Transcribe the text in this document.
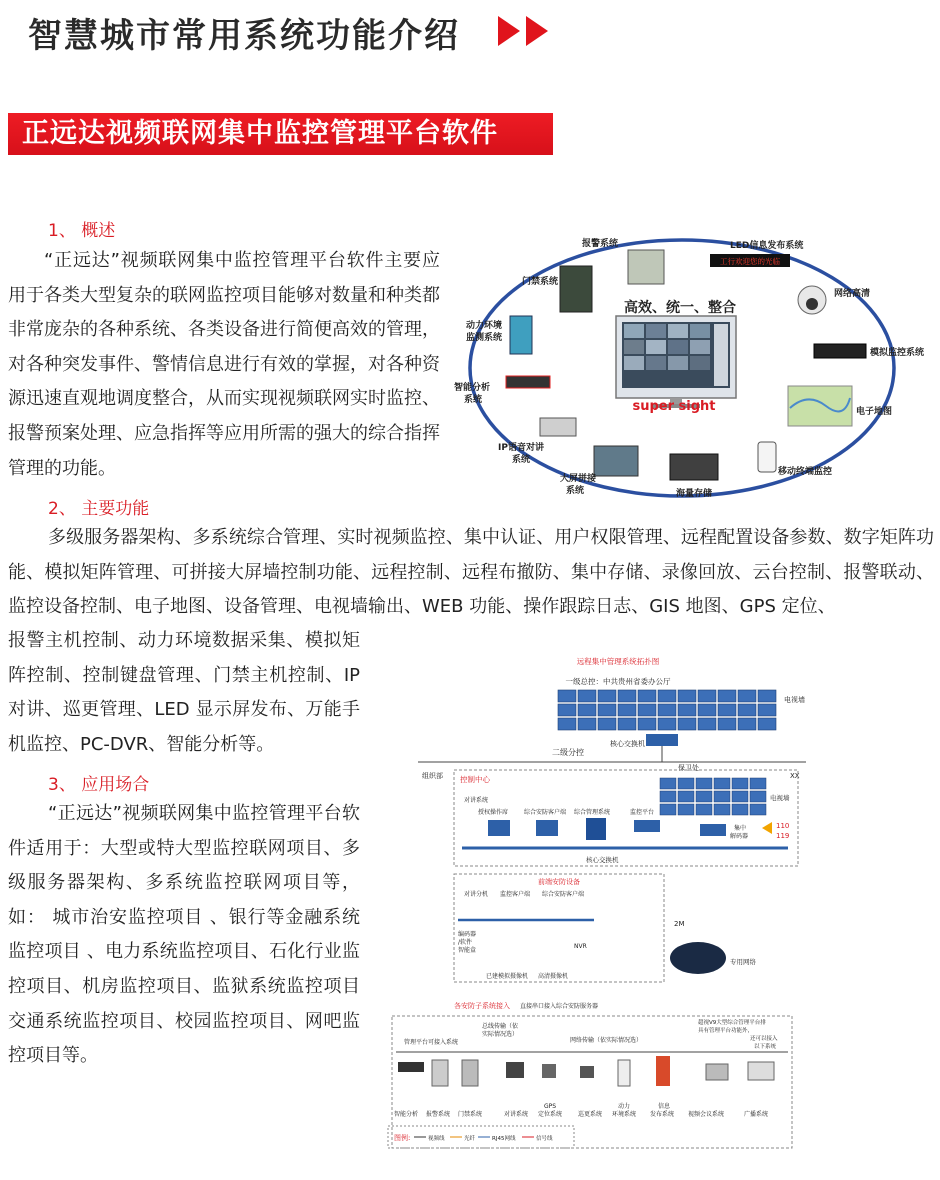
智慧城市常用系统功能介绍
正远达视频联网集中监控管理平台软件
1、 概述

“正远达”视频联网集中监控管理平台软件主要应用于各类大型复杂的联网监控项目能够对数量和种类都非常庞杂的各种系统、各类设备进行简便高效的管理，对各种突发事件、警情信息进行有效的掌握，对各种资源迅速直观地调度整合，从而实现视频联网实时监控、报警预案处理、应急指挥等应用所需的强大的综合指挥管理的功能。

2、 主要功能

多级服务器架构、多系统综合管理、实时视频监控、集中认证、用户权限管理、远程配置设备参数、数字矩阵功能、模拟矩阵管理、可拼接大屏墙控制功能、远程控制、远程布撤防、集中存储、录像回放、云台控制、报警联动、监控设备控制、电子地图、设备管理、电视墙输出、WEB 功能、操作跟踪日志、GIS 地图、GPS 定位、

报警主机控制、动力环境数据采集、模拟矩阵控制、控制键盘管理、门禁主机控制、IP 对讲、巡更管理、LED 显示屏发布、万能手机监控、PC-DVR、智能分析等。

3、 应用场合

“正远达”视频联网集中监控管理平台软件适用于：大型或特大型监控联网项目、多级服务器架构、多系统监控联网项目等，如： 城市治安监控项目 、银行等金融系统监控项目 、电力系统监控项目、石化行业监控项目、机房监控项目、监狱系统监控项目交通系统监控项目、校园监控项目、网吧监控项目等。

高效、统一、整合
super sight
报警系统	LED信息发布系统
工行欢迎您的光临
门禁系统
网络高清
动力环境
监测系统
模拟监控系统
智能分析
系统
电子地图
IP语音对讲
系统
移动终端监控
大屏拼接
系统	海量存储
远程集中管理系统拓扑图
一级总控：中共贵州省委办公厅
电视墙
核心交换机
二级分控
保卫处
组织部	XX
控制中心
电视墙
对讲系统
授权操作席	综合安防客户端 综合管理系统	监控平台
集中
解码器
110
119
核心交换机
前端安防设备
对讲分机 监控客户端 综合安防客户端
编码器
/软件
智能盒
NVR
已建模拟摄像机 高清摄像机
2M
专用网络
各安防子系统接入 直接串口接入综合安防服务器
管理平台可接入系统
总线传输（依
实际情况选）
网络传输（依实际情况选）
超视V9大型综合管理平台排
具有管理平台功能外，
还可以接入
以下系统
智能分析 报警系统 门禁系统	对讲系统
GPS
定位系统	巡更系统
动力
环境系统
信息
发布系统 视频会议系统	广播系统
图例:	视频线	光纤	RJ45网线	信号线
